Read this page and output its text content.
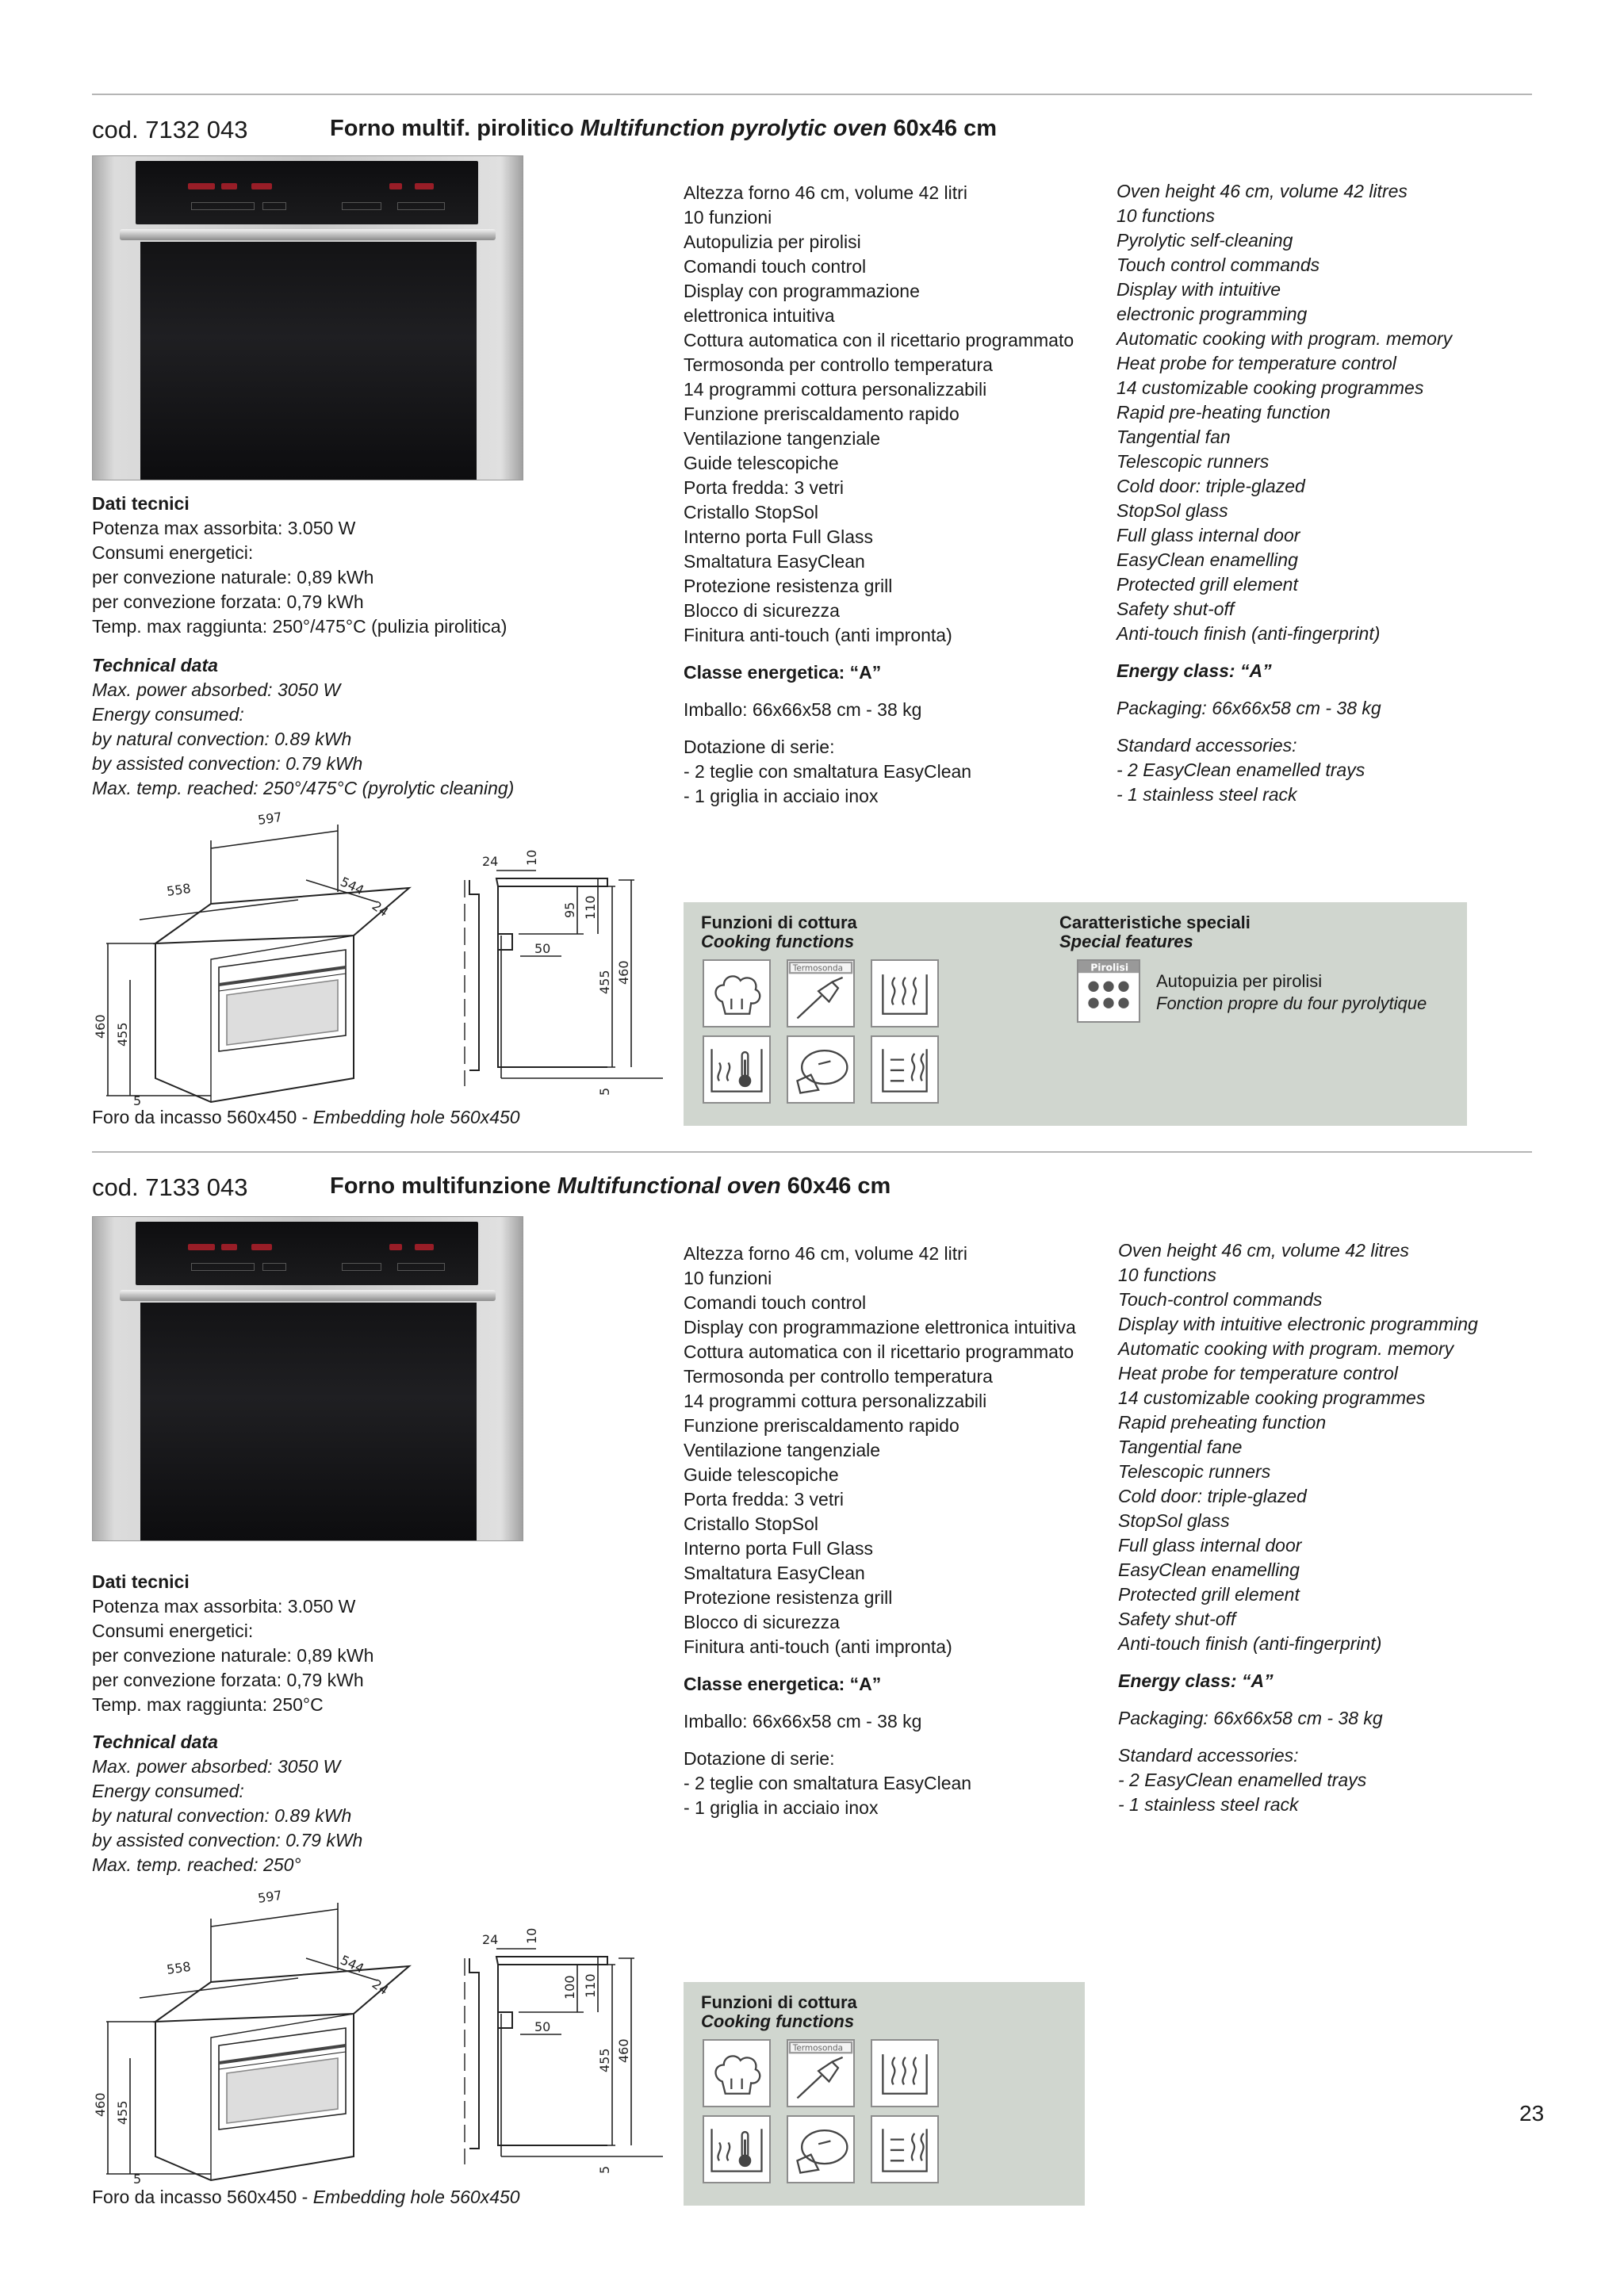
cod. 7132 043	Forno multif. pirolitico Multifunction pyrolytic oven 60x46 cm

Dati tecnici

Potenza max assorbita: 3.050 W

Consumi energetici:

per convezione naturale: 0,89 kWh

per convezione forzata: 0,79 kWh

Temp. max raggiunta: 250°/475°C (pulizia pirolitica)

Technical data

Max. power absorbed: 3050 W

Energy consumed:

by natural convection: 0.89 kWh

by assisted convection: 0.79 kWh

Max. temp. reached: 250°/475°C (pyrolytic cleaning)

Altezza forno 46 cm, volume 42 litri

10 funzioni

Autopulizia per pirolisi

Comandi touch control

Display con programmazione

elettronica intuitiva

Cottura automatica con il ricettario programmato

Termosonda per controllo temperatura

14 programmi cottura personalizzabili

Funzione preriscaldamento rapido

Ventilazione tangenziale

Guide telescopiche

Porta fredda: 3 vetri

Cristallo StopSol

Interno porta Full Glass

Smaltatura EasyClean

Protezione resistenza grill

Blocco di sicurezza

Finitura anti-touch (anti impronta)

Classe energetica: “A”

Imballo: 66x66x58 cm - 38 kg

Dotazione di serie:

- 2 teglie con smaltatura EasyClean

- 1 griglia in acciaio inox

Oven height 46 cm, volume 42 litres

10 functions

Pyrolytic self-cleaning

Touch control commands

Display with intuitive

electronic programming

Automatic cooking with program. memory

Heat probe for temperature control

14 customizable cooking programmes

Rapid pre-heating function

Tangential fan

Telescopic runners

Cold door: triple-glazed

StopSol glass

Full glass internal door

EasyClean enamelling

Protected grill element

Safety shut-off

Anti-touch finish (anti-fingerprint)

Energy class: “A”

Packaging: 66x66x58 cm - 38 kg

Standard accessories:

- 2 EasyClean enamelled trays

- 1 stainless steel rack

597
558	544
24
460 455
5
24 10
95 110
50
455 460
5
Foro da incasso 560x450 - Embedding hole 560x450
Funzioni di cottura
Cooking functions
Termosonda
Caratteristiche speciali
Special features
Pirolisi
Autopuizia per pirolisi
Fonction propre du four pyrolytique
cod. 7133 043	Forno multifunzione Multifunctional oven 60x46 cm

Dati tecnici

Potenza max assorbita: 3.050 W

Consumi energetici:

per convezione naturale: 0,89 kWh

per convezione forzata: 0,79 kWh

Temp. max raggiunta: 250°C

Technical data

Max. power absorbed: 3050 W

Energy consumed:

by natural convection: 0.89 kWh

by assisted convection: 0.79 kWh

Max. temp. reached: 250°

Altezza forno 46 cm, volume 42 litri

10 funzioni

Comandi touch control

Display con programmazione elettronica intuitiva

Cottura automatica con il ricettario programmato

Termosonda per controllo temperatura

14 programmi cottura personalizzabili

Funzione preriscaldamento rapido

Ventilazione tangenziale

Guide telescopiche

Porta fredda: 3 vetri

Cristallo StopSol

Interno porta Full Glass

Smaltatura EasyClean

Protezione resistenza grill

Blocco di sicurezza

Finitura anti-touch (anti impronta)

Classe energetica: “A”

Imballo: 66x66x58 cm - 38 kg

Dotazione di serie:

- 2 teglie con smaltatura EasyClean

- 1 griglia in acciaio inox

Oven height 46 cm, volume 42 litres

10 functions

Touch-control commands

Display with intuitive electronic programming

Automatic cooking with program. memory

Heat probe for temperature control

14 customizable cooking programmes

Rapid preheating function

Tangential fane

Telescopic runners

Cold door: triple-glazed

StopSol glass

Full glass internal door

EasyClean enamelling

Protected grill element

Safety shut-off

Anti-touch finish (anti-fingerprint)

Energy class: “A”

Packaging: 66x66x58 cm - 38 kg

Standard accessories:

- 2 EasyClean enamelled trays

- 1 stainless steel rack

597
558	544
24
460 455
5
24 10
100 110
50
455 460
5
Foro da incasso 560x450 - Embedding hole 560x450
Funzioni di cottura
Cooking functions
Termosonda
23
